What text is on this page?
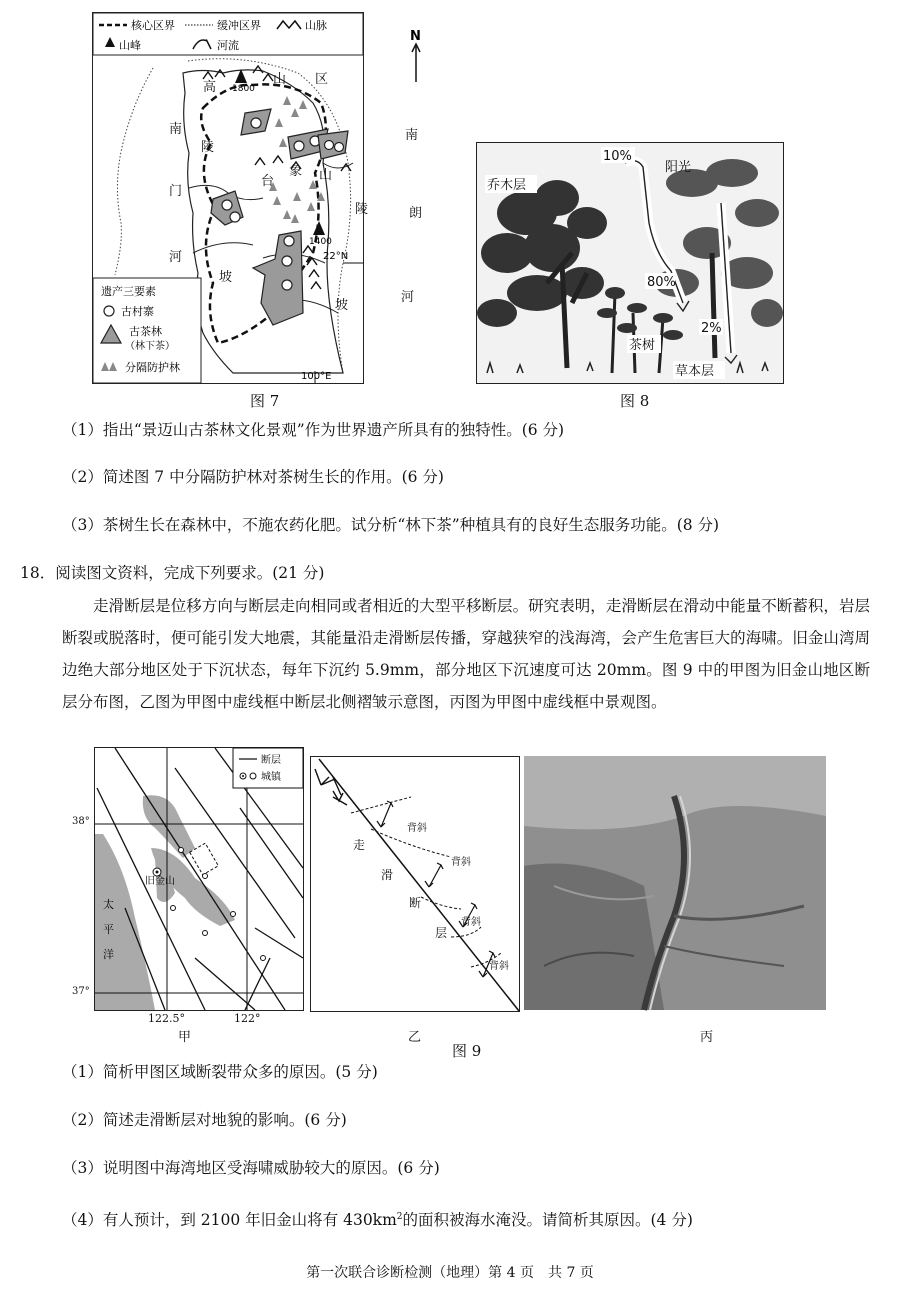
核心区界	缓冲区界	山脉
山峰	河流
1800
1400
高
山 区
南
陵
门
河
台
象 山
南
朗
河
陵
坡
坡
22°N
100°E
遗产三要素
古村寨
古茶林
（林下茶）
分隔防护林
N
图 7
10%
阳光
乔木层
80%
2%
茶树
草本层
图 8
（1）指出“景迈山古茶林文化景观”作为世界遗产所具有的独特性。(6 分)
（2）简述图 7 中分隔防护林对茶树生长的作用。(6 分)
（3）茶树生长在森林中，不施农药化肥。试分析“林下茶”种植具有的良好生态服务功能。(8 分)
18．阅读图文资料，完成下列要求。(21 分)
走滑断层是位移方向与断层走向相同或者相近的大型平移断层。研究表明，走滑断层在滑动中能量不断蓄积，岩层断裂或脱落时，便可能引发大地震，其能量沿走滑断层传播，穿越狭窄的浅海湾，会产生危害巨大的海啸。旧金山湾周边绝大部分地区处于下沉状态，每年下沉约 5.9mm，部分地区下沉速度可达 20mm。图 9 中的甲图为旧金山地区断层分布图，乙图为甲图中虚线框中断层北侧褶皱示意图，丙图为甲图中虚线框中景观图。
旧金山
太
平
洋
断层
城镇
38°
37°
122.5°	122°
甲
背斜
背斜
背斜
背斜
走
滑
断
层
乙	丙
图 9
（1）简析甲图区域断裂带众多的原因。(5 分)
（2）简述走滑断层对地貌的影响。(6 分)
（3）说明图中海湾地区受海啸威胁较大的原因。(6 分)
（4）有人预计，到 2100 年旧金山将有 $430km^2$的面积被海水淹没。请简析其原因。(4 分)
第一次联合诊断检测（地理）第 4 页　共 7 页
